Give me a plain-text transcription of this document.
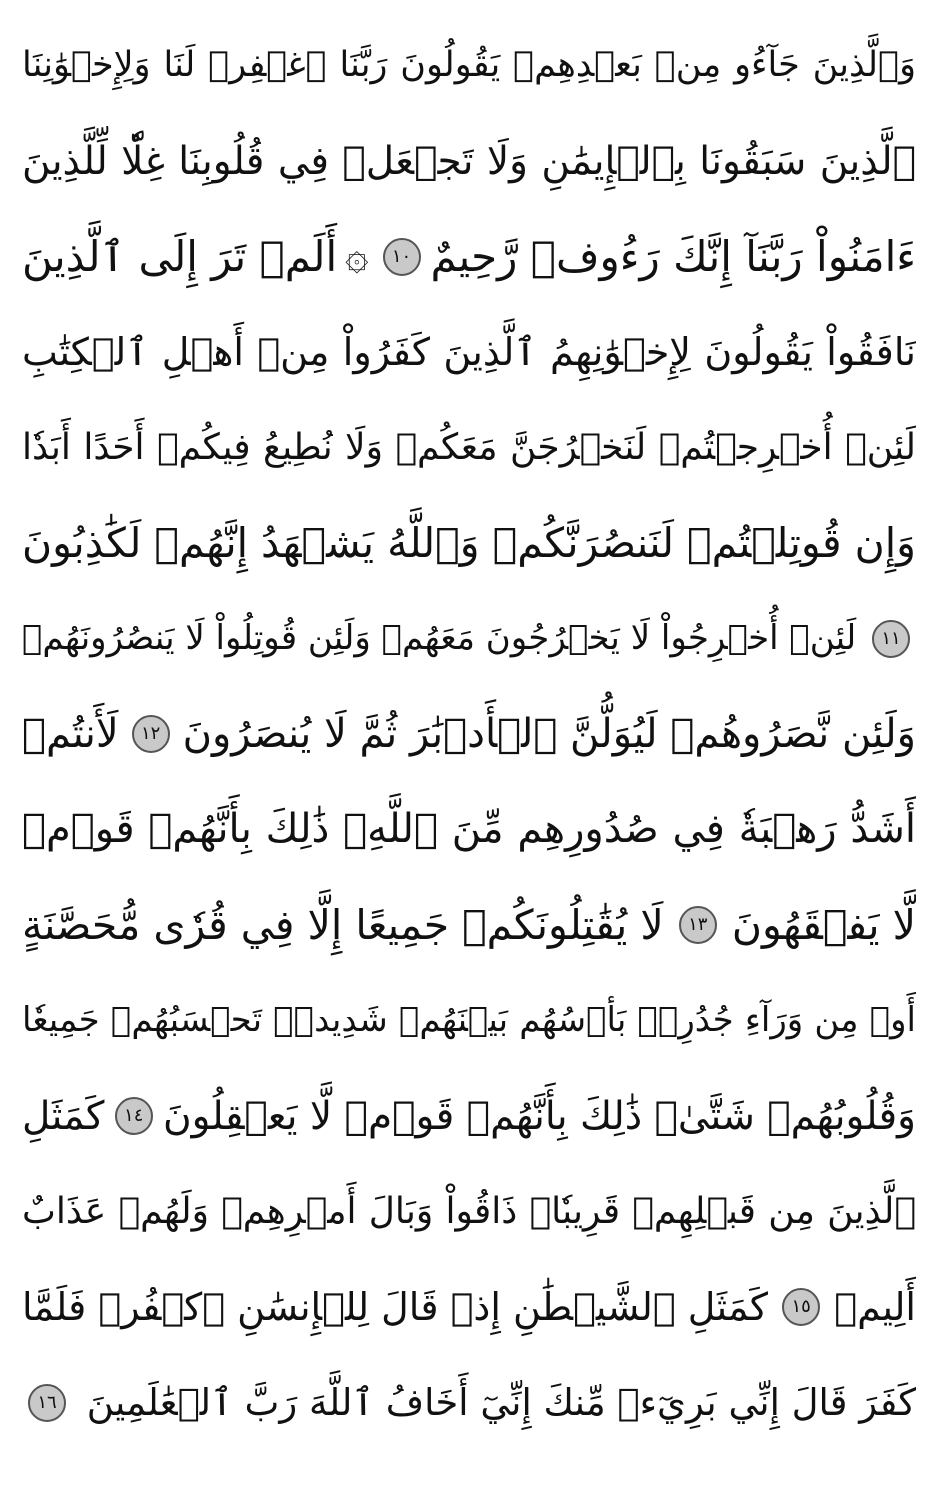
وَٱلَّذِينَ جَآءُو مِنۢ بَعۡدِهِمۡ يَقُولُونَ رَبَّنَا ٱغۡفِرۡ لَنَا وَلِإِخۡوَٰنِنَا
ٱلَّذِينَ سَبَقُونَا بِٱلۡإِيمَٰنِ وَلَا تَجۡعَلۡ فِي قُلُوبِنَا غِلّٗا لِّلَّذِينَ
ءَامَنُواْ رَبَّنَآ إِنَّكَ رَءُوفٞ رَّحِيمٌ
١٠
۞
أَلَمۡ تَرَ إِلَى ٱلَّذِينَ
نَافَقُواْ يَقُولُونَ لِإِخۡوَٰنِهِمُ ٱلَّذِينَ كَفَرُواْ مِنۡ أَهۡلِ ٱلۡكِتَٰبِ
لَئِنۡ أُخۡرِجۡتُمۡ لَنَخۡرُجَنَّ مَعَكُمۡ وَلَا نُطِيعُ فِيكُمۡ أَحَدًا أَبَدٗا
وَإِن قُوتِلۡتُمۡ لَنَنصُرَنَّكُمۡ وَٱللَّهُ يَشۡهَدُ إِنَّهُمۡ لَكَٰذِبُونَ
١١
لَئِنۡ أُخۡرِجُواْ لَا يَخۡرُجُونَ مَعَهُمۡ وَلَئِن قُوتِلُواْ لَا يَنصُرُونَهُمۡ
وَلَئِن نَّصَرُوهُمۡ لَيُوَلُّنَّ ٱلۡأَدۡبَٰرَ ثُمَّ لَا يُنصَرُونَ
١٢
لَأَنتُمۡ
أَشَدُّ رَهۡبَةٗ فِي صُدُورِهِم مِّنَ ٱللَّهِۚ ذَٰلِكَ بِأَنَّهُمۡ قَوۡمٞ
لَّا يَفۡقَهُونَ
١٣
لَا يُقَٰتِلُونَكُمۡ جَمِيعًا إِلَّا فِي قُرٗى مُّحَصَّنَةٍ
أَوۡ مِن وَرَآءِ جُدُرِۭۚ بَأۡسُهُم بَيۡنَهُمۡ شَدِيدٞۚ تَحۡسَبُهُمۡ جَمِيعٗا
وَقُلُوبُهُمۡ شَتَّىٰۚ ذَٰلِكَ بِأَنَّهُمۡ قَوۡمٞ لَّا يَعۡقِلُونَ
١٤
كَمَثَلِ
ٱلَّذِينَ مِن قَبۡلِهِمۡ قَرِيبٗاۖ ذَاقُواْ وَبَالَ أَمۡرِهِمۡ وَلَهُمۡ عَذَابٌ
أَلِيمٞ
١٥
كَمَثَلِ ٱلشَّيۡطَٰنِ إِذۡ قَالَ لِلۡإِنسَٰنِ ٱكۡفُرۡ فَلَمَّا
كَفَرَ قَالَ إِنِّي بَرِيٓءٞ مِّنكَ إِنِّيٓ أَخَافُ ٱللَّهَ رَبَّ ٱلۡعَٰلَمِينَ
١٦
